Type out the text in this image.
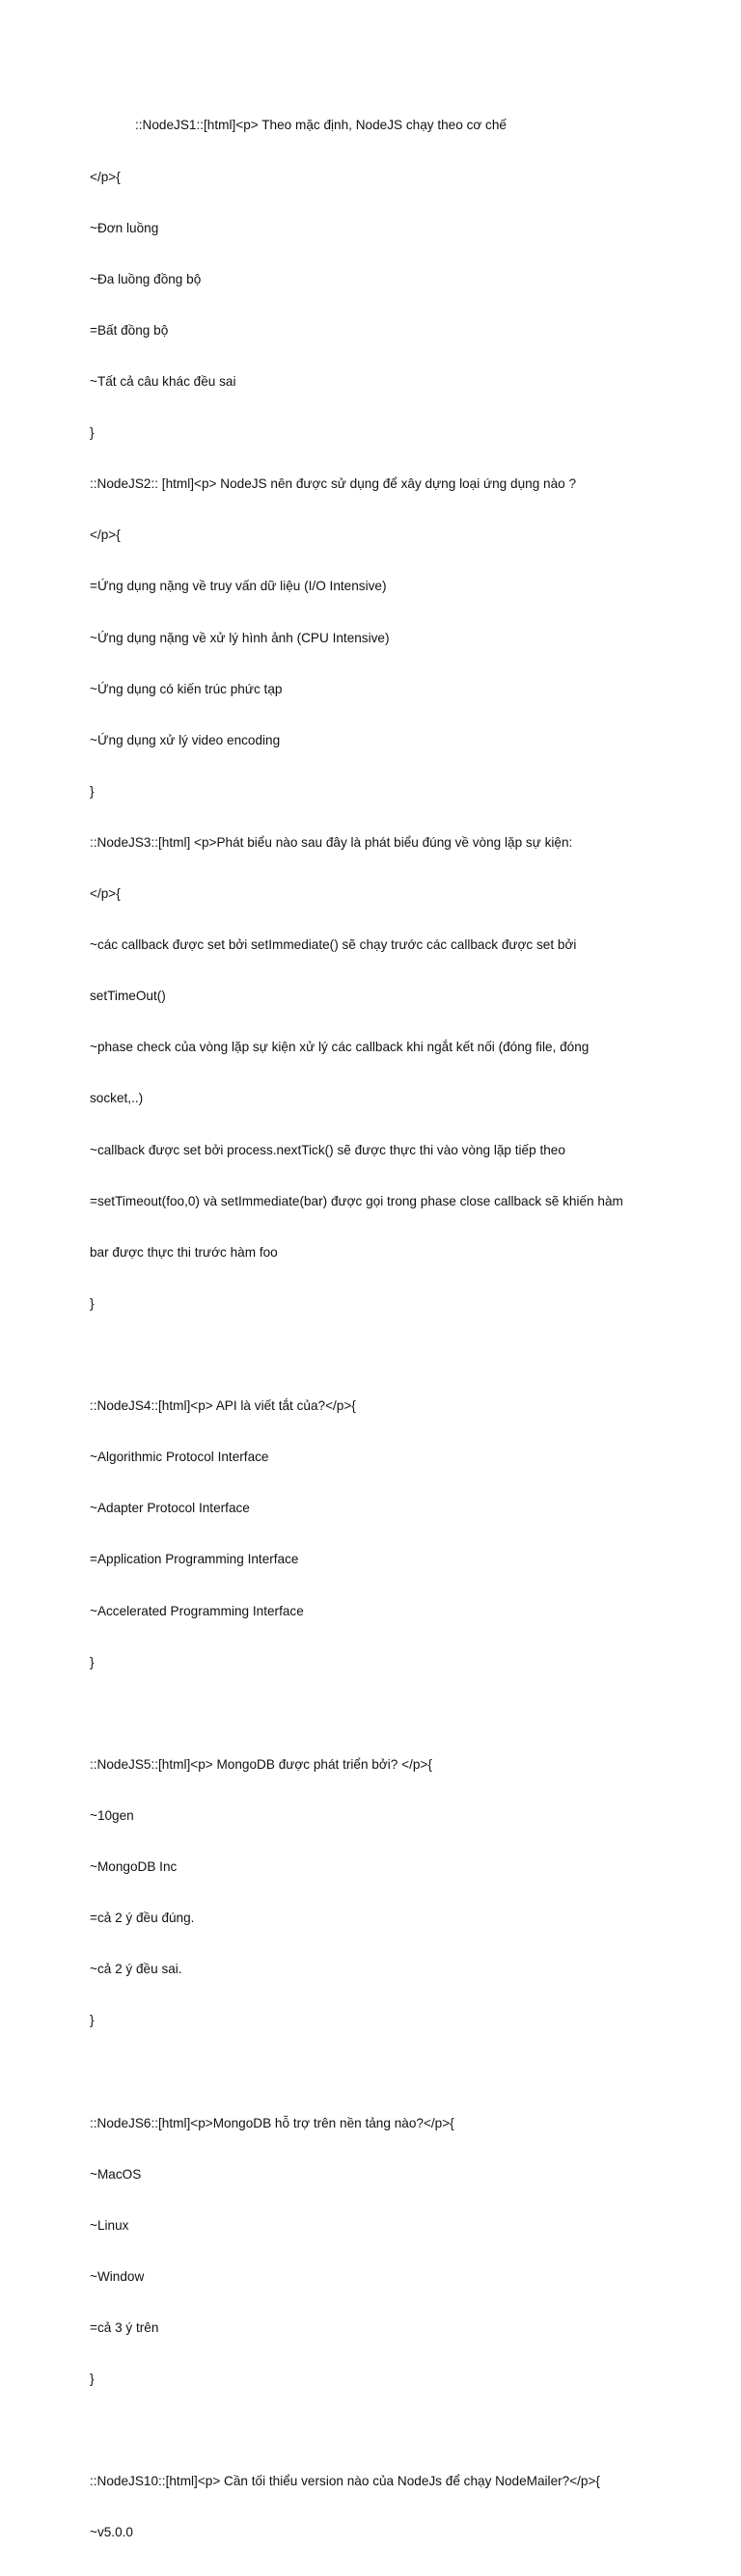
::NodeJS1::[html]<p> Theo mặc định, NodeJS chạy theo cơ chế

</p>{

~Đơn luồng

~Đa luồng đồng bộ

=Bất đồng bộ

~Tất cả câu khác đều sai

}

::NodeJS2:: [html]<p> NodeJS nên được sử dụng để xây dựng loại ứng dụng nào ?

</p>{

=Ứng dụng nặng về truy vấn dữ liệu (I/O Intensive)

~Ứng dụng nặng về xử lý hình ảnh (CPU Intensive)

~Ứng dụng có kiến trúc phức tạp

~Ứng dụng xử lý video encoding

}

::NodeJS3::[html] <p>Phát biểu nào sau đây là phát biểu đúng về vòng lặp sự kiện:

</p>{

~các callback được set bởi setImmediate() sẽ chạy trước các callback được set bởi

setTimeOut()

~phase check của vòng lặp sự kiện xử lý các callback khi ngắt kết nối (đóng file, đóng

socket,..)

~callback được set bởi process.nextTick() sẽ được thực thi vào vòng lặp tiếp theo

=setTimeout(foo,0) và setImmediate(bar) được gọi trong phase close callback sẽ khiến hàm

bar được thực thi trước hàm foo

}

::NodeJS4::[html]<p> API là viết tắt của?</p>{

~Algorithmic Protocol Interface

~Adapter Protocol Interface

=Application Programming Interface

~Accelerated Programming Interface

}

::NodeJS5::[html]<p> MongoDB được phát triển bởi? </p>{

~10gen

~MongoDB Inc

=cả 2 ý đều đúng.

~cả 2 ý đều sai.

}

::NodeJS6::[html]<p>MongoDB hỗ trợ trên nền tảng nào?</p>{

~MacOS

~Linux

~Window

=cả 3 ý trên

}

::NodeJS10::[html]<p> Cần tối thiểu version nào của NodeJs để chạy NodeMailer?</p>{

~v5.0.0
